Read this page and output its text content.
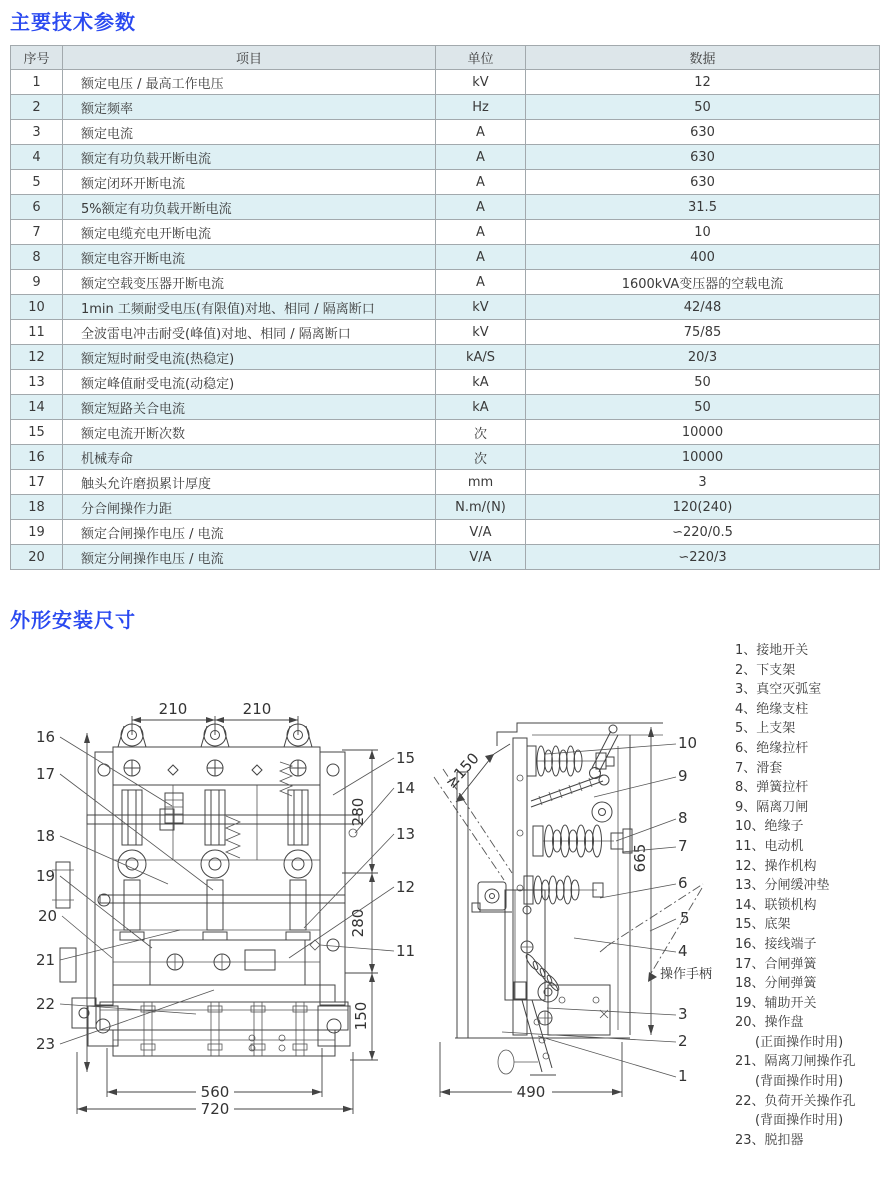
主要技术参数
序号	项目	单位	数据
1	额定电压 / 最高工作电压	kV	12
2	额定频率	Hz	50
3	额定电流	A	630
4	额定有功负载开断电流	A	630
5	额定闭环开断电流	A	630
6	5%额定有功负载开断电流	A	31.5
7	额定电缆充电开断电流	A	10
8	额定电容开断电流	A	400
9	额定空载变压器开断电流	A	1600kVA变压器的空载电流
10	1min 工频耐受电压(有限值)对地、相同 / 隔离断口	kV	42/48
11	全波雷电冲击耐受(峰值)对地、相同 / 隔离断口	kV	75/85
12	额定短时耐受电流(热稳定)	kA/S	20/3
13	额定峰值耐受电流(动稳定)	kA	50
14	额定短路关合电流	kA	50
15	额定电流开断次数	次	10000
16	机械寿命	次	10000
17	触头允许磨损累计厚度	mm	3
18	分合闸操作力距	N.m/(N)	120(240)
19	额定合闸操作电压 / 电流	V/A	∽220/0.5
20	额定分闸操作电压 / 电流	V/A	∽220/3
外形安装尺寸
1、接地开关
2、下支架
3、真空灭弧室
4、绝缘支柱
5、上支架
6、绝缘拉杆
7、滑套
8、弹簧拉杆
9、隔离刀闸
10、绝缘子
11、电动机
12、操作机构
13、分闸缓冲垫
14、联锁机构
15、底架
16、接线端子
17、合闸弹簧
18、分闸弹簧
19、辅助开关
20、操作盘
(正面操作时用)
21、隔离刀闸操作孔
(背面操作时用)
22、负荷开关操作孔
(背面操作时用)
23、脱扣器
210	210
280
280
150
560
720
16
17
18
19
20
21
22
23
15
14
13
12
11
≥150
665
490
操作手柄
10
9
8
7
6
5
4
3
2
1
